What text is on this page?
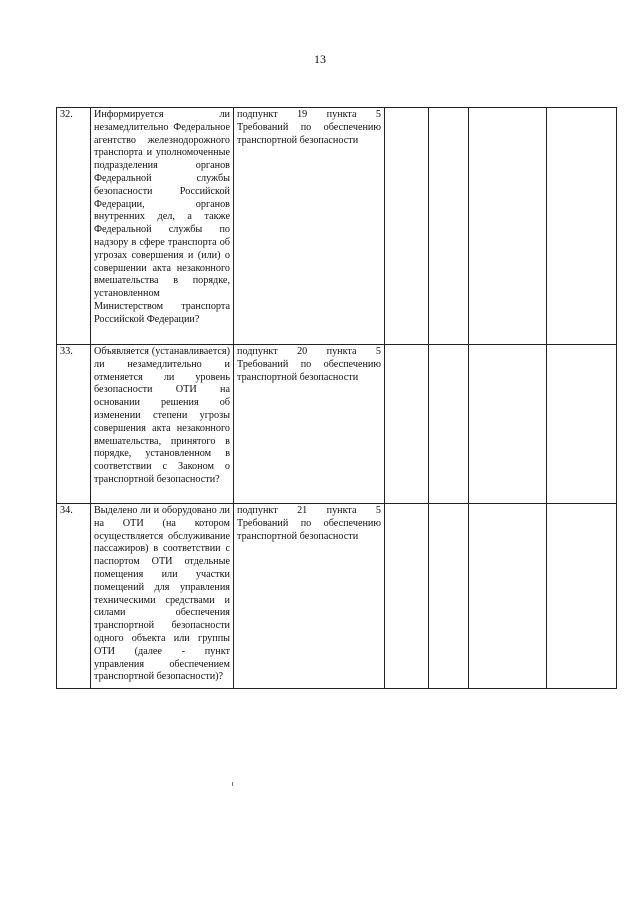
13
32.	Информируется ли незамедлительно Федеральное агентство железнодорожного транспорта и уполномоченные подразделения органов Федеральной службы безопасности Российской Федерации, органов внутренних дел, а также Федеральной службы по надзору в сфере транспорта об угрозах совершения и (или) о совершении акта незаконного вмешательства в порядке, установленном Министерством транспорта Российской Федерации?	подпункт 19 пункта 5 Требований по обеспечению транспортной безопасности				
33.	Объявляется (устанавливается) ли незамедлительно и отменяется ли уровень безопасности ОТИ на основании решения об изменении степени угрозы совершения акта незаконного вмешательства, принятого в порядке, установленном в соответствии с Законом о транспортной безопасности?	подпункт 20 пункта 5 Требований по обеспечению транспортной безопасности				
34.	Выделено ли и оборудовано ли на ОТИ (на котором осуществляется обслуживание пассажиров) в соответствии с паспортом ОТИ отдельные помещения или участки помещений для управления техническими средствами и силами обеспечения транспортной безопасности одного объекта или группы ОТИ (далее - пункт управления обеспечением транспортной безопасности)?	подпункт 21 пункта 5 Требований по обеспечению транспортной безопасности				
